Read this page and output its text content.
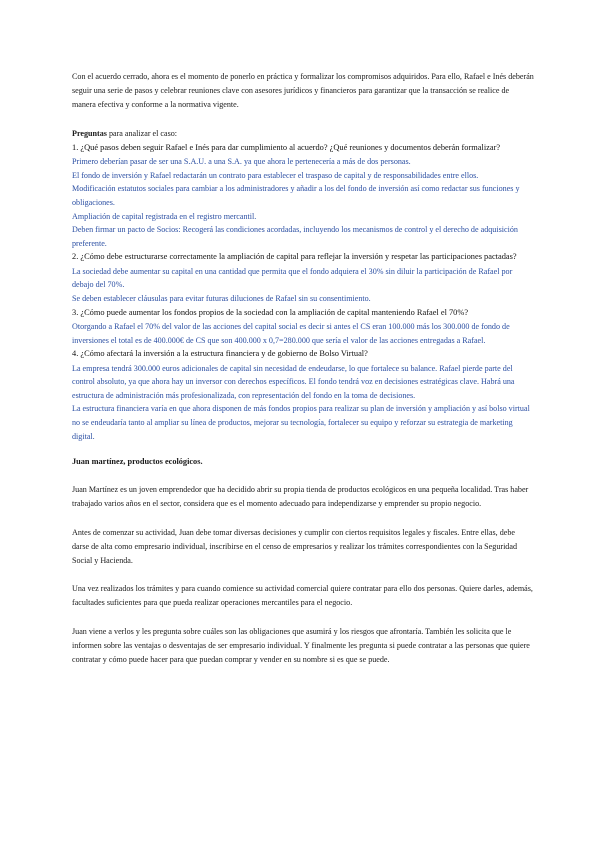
Con el acuerdo cerrado, ahora es el momento de ponerlo en práctica y formalizar los compromisos adquiridos. Para ello, Rafael e Inés deberán seguir una serie de pasos y celebrar reuniones clave con asesores jurídicos y financieros para garantizar que la transacción se realice de manera efectiva y conforme a la normativa vigente.

Preguntas para analizar el caso:

1. ¿Qué pasos deben seguir Rafael e Inés para dar cumplimiento al acuerdo? ¿Qué reuniones y documentos deberán formalizar?

Primero deberían pasar de ser una S.A.U. a una S.A. ya que ahora le pertenecería a más de dos personas.

El fondo de inversión y Rafael redactarán un contrato para establecer el traspaso de capital y de responsabilidades entre ellos.

Modificación estatutos sociales para cambiar a los administradores y añadir a los del fondo de inversión así como redactar sus funciones y obligaciones.

Ampliación de capital registrada en el registro mercantil.

Deben firmar un pacto de Socios: Recogerá las condiciones acordadas, incluyendo los mecanismos de control y el derecho de adquisición preferente.

2. ¿Cómo debe estructurarse correctamente la ampliación de capital para reflejar la inversión y respetar las participaciones pactadas?

La sociedad debe aumentar su capital en una cantidad que permita que el fondo adquiera el 30% sin diluir la participación de Rafael por debajo del 70%.

Se deben establecer cláusulas para evitar futuras diluciones de Rafael sin su consentimiento.

3. ¿Cómo puede aumentar los fondos propios de la sociedad con la ampliación de capital manteniendo Rafael el 70%?

Otorgando a Rafael el 70% del valor de las acciones del capital social es decir si antes el CS eran 100.000 más los 300.000 de fondo de inversiones el total es de 400.000€ de CS que son 400.000 x 0,7=280.000 que sería el valor de las acciones entregadas a Rafael.

4. ¿Cómo afectará la inversión a la estructura financiera y de gobierno de Bolso Virtual?

La empresa tendrá 300.000 euros adicionales de capital sin necesidad de endeudarse, lo que fortalece su balance. Rafael pierde parte del control absoluto, ya que ahora hay un inversor con derechos específicos. El fondo tendrá voz en decisiones estratégicas clave. Habrá una estructura de administración más profesionalizada, con representación del fondo en la toma de decisiones.

La estructura financiera varía en que ahora disponen de más fondos propios para realizar su plan de inversión y ampliación y así bolso virtual no se endeudaría tanto al ampliar su línea de productos, mejorar su tecnología, fortalecer su equipo y reforzar su estrategia de marketing digital.

Juan martínez, productos ecológicos.

Juan Martínez es un joven emprendedor que ha decidido abrir su propia tienda de productos ecológicos en una pequeña localidad. Tras haber trabajado varios años en el sector, considera que es el momento adecuado para independizarse y emprender su propio negocio.

Antes de comenzar su actividad, Juan debe tomar diversas decisiones y cumplir con ciertos requisitos legales y fiscales. Entre ellas, debe darse de alta como empresario individual, inscribirse en el censo de empresarios y realizar los trámites correspondientes con la Seguridad Social y Hacienda.

Una vez realizados los trámites y para cuando comience su actividad comercial quiere contratar para ello dos personas. Quiere darles, además, facultades suficientes para que pueda realizar operaciones mercantiles para el negocio.

Juan viene a verlos y les pregunta sobre cuáles son las obligaciones que asumirá y los riesgos que afrontaría. También les solicita que le informen sobre las ventajas o desventajas de ser empresario individual. Y finalmente les pregunta si puede contratar a las personas que quiere contratar y cómo puede hacer para que puedan comprar y vender en su nombre si es que se puede.
